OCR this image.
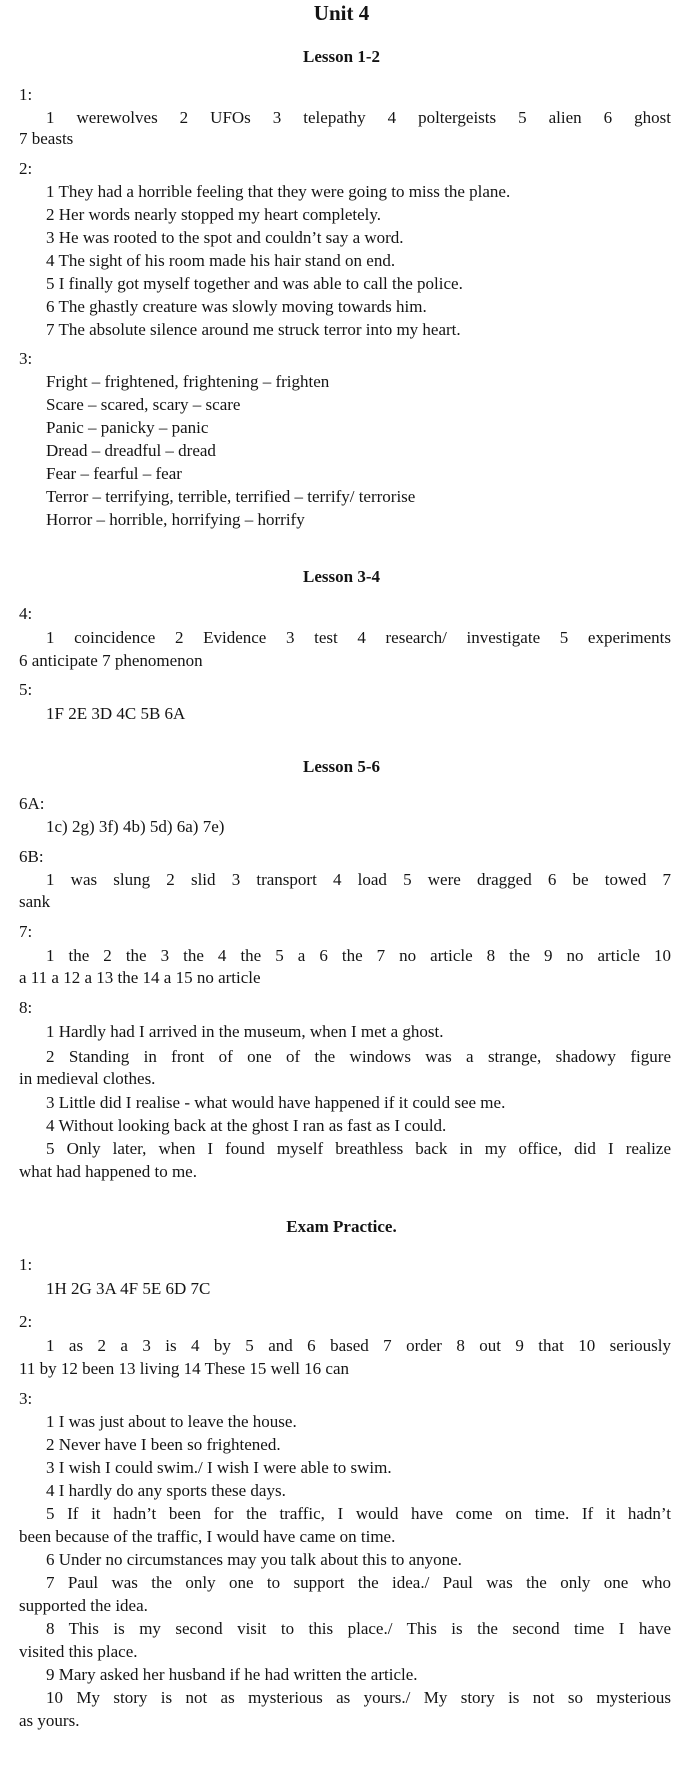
Unit 4
Lesson 1-2
1:
1 werewolves 2 UFOs 3 telepathy 4 poltergeists 5 alien 6 ghost
7 beasts
2:
1 They had a horrible feeling that they were going to miss the plane.
2 Her words nearly stopped my heart completely.
3 He was rooted to the spot and couldn’t say a word.
4 The sight of his room made his hair stand on end.
5 I finally got myself together and was able to call the police.
6 The ghastly creature was slowly moving towards him.
7 The absolute silence around me struck terror into my heart.
3:
Fright – frightened, frightening – frighten
Scare – scared, scary – scare
Panic – panicky – panic
Dread – dreadful – dread
Fear – fearful – fear
Terror – terrifying, terrible, terrified – terrify/ terrorise
Horror – horrible, horrifying – horrify
Lesson 3-4
4:
1 coincidence 2 Evidence 3 test 4 research/ investigate 5 experiments
6 anticipate 7 phenomenon
5:
1F 2E 3D 4C 5B 6A
Lesson 5-6
6A:
1c) 2g) 3f) 4b) 5d) 6a) 7e)
6B:
1 was slung 2 slid 3 transport 4 load 5 were dragged 6 be towed 7
sank
7:
1 the 2 the 3 the 4 the 5 a 6 the 7 no article 8 the 9 no article 10
a 11 a 12 a 13 the 14 a 15 no article
8:
1 Hardly had I arrived in the museum, when I met a ghost.
2 Standing in front of one of the windows was a strange, shadowy figure
in medieval clothes.
3 Little did I realise - what would have happened if it could see me.
4 Without looking back at the ghost I ran as fast as I could.
5 Only later, when I found myself breathless back in my office, did I realize
what had happened to me.
Exam Practice.
1:
1H 2G 3A 4F 5E 6D 7C
2:
1 as 2 a 3 is 4 by 5 and 6 based 7 order 8 out 9 that 10 seriously
11 by 12 been 13 living 14 These 15 well 16 can
3:
1 I was just about to leave the house.
2 Never have I been so frightened.
3 I wish I could swim./ I wish I were able to swim.
4 I hardly do any sports these days.
5 If it hadn’t been for the traffic, I would have come on time. If it hadn’t
been because of the traffic, I would have came on time.
6 Under no circumstances may you talk about this to anyone.
7 Paul was the only one to support the idea./ Paul was the only one who
supported the idea.
8 This is my second visit to this place./ This is the second time I have
visited this place.
9 Mary asked her husband if he had written the article.
10 My story is not as mysterious as yours./ My story is not so mysterious
as yours.
